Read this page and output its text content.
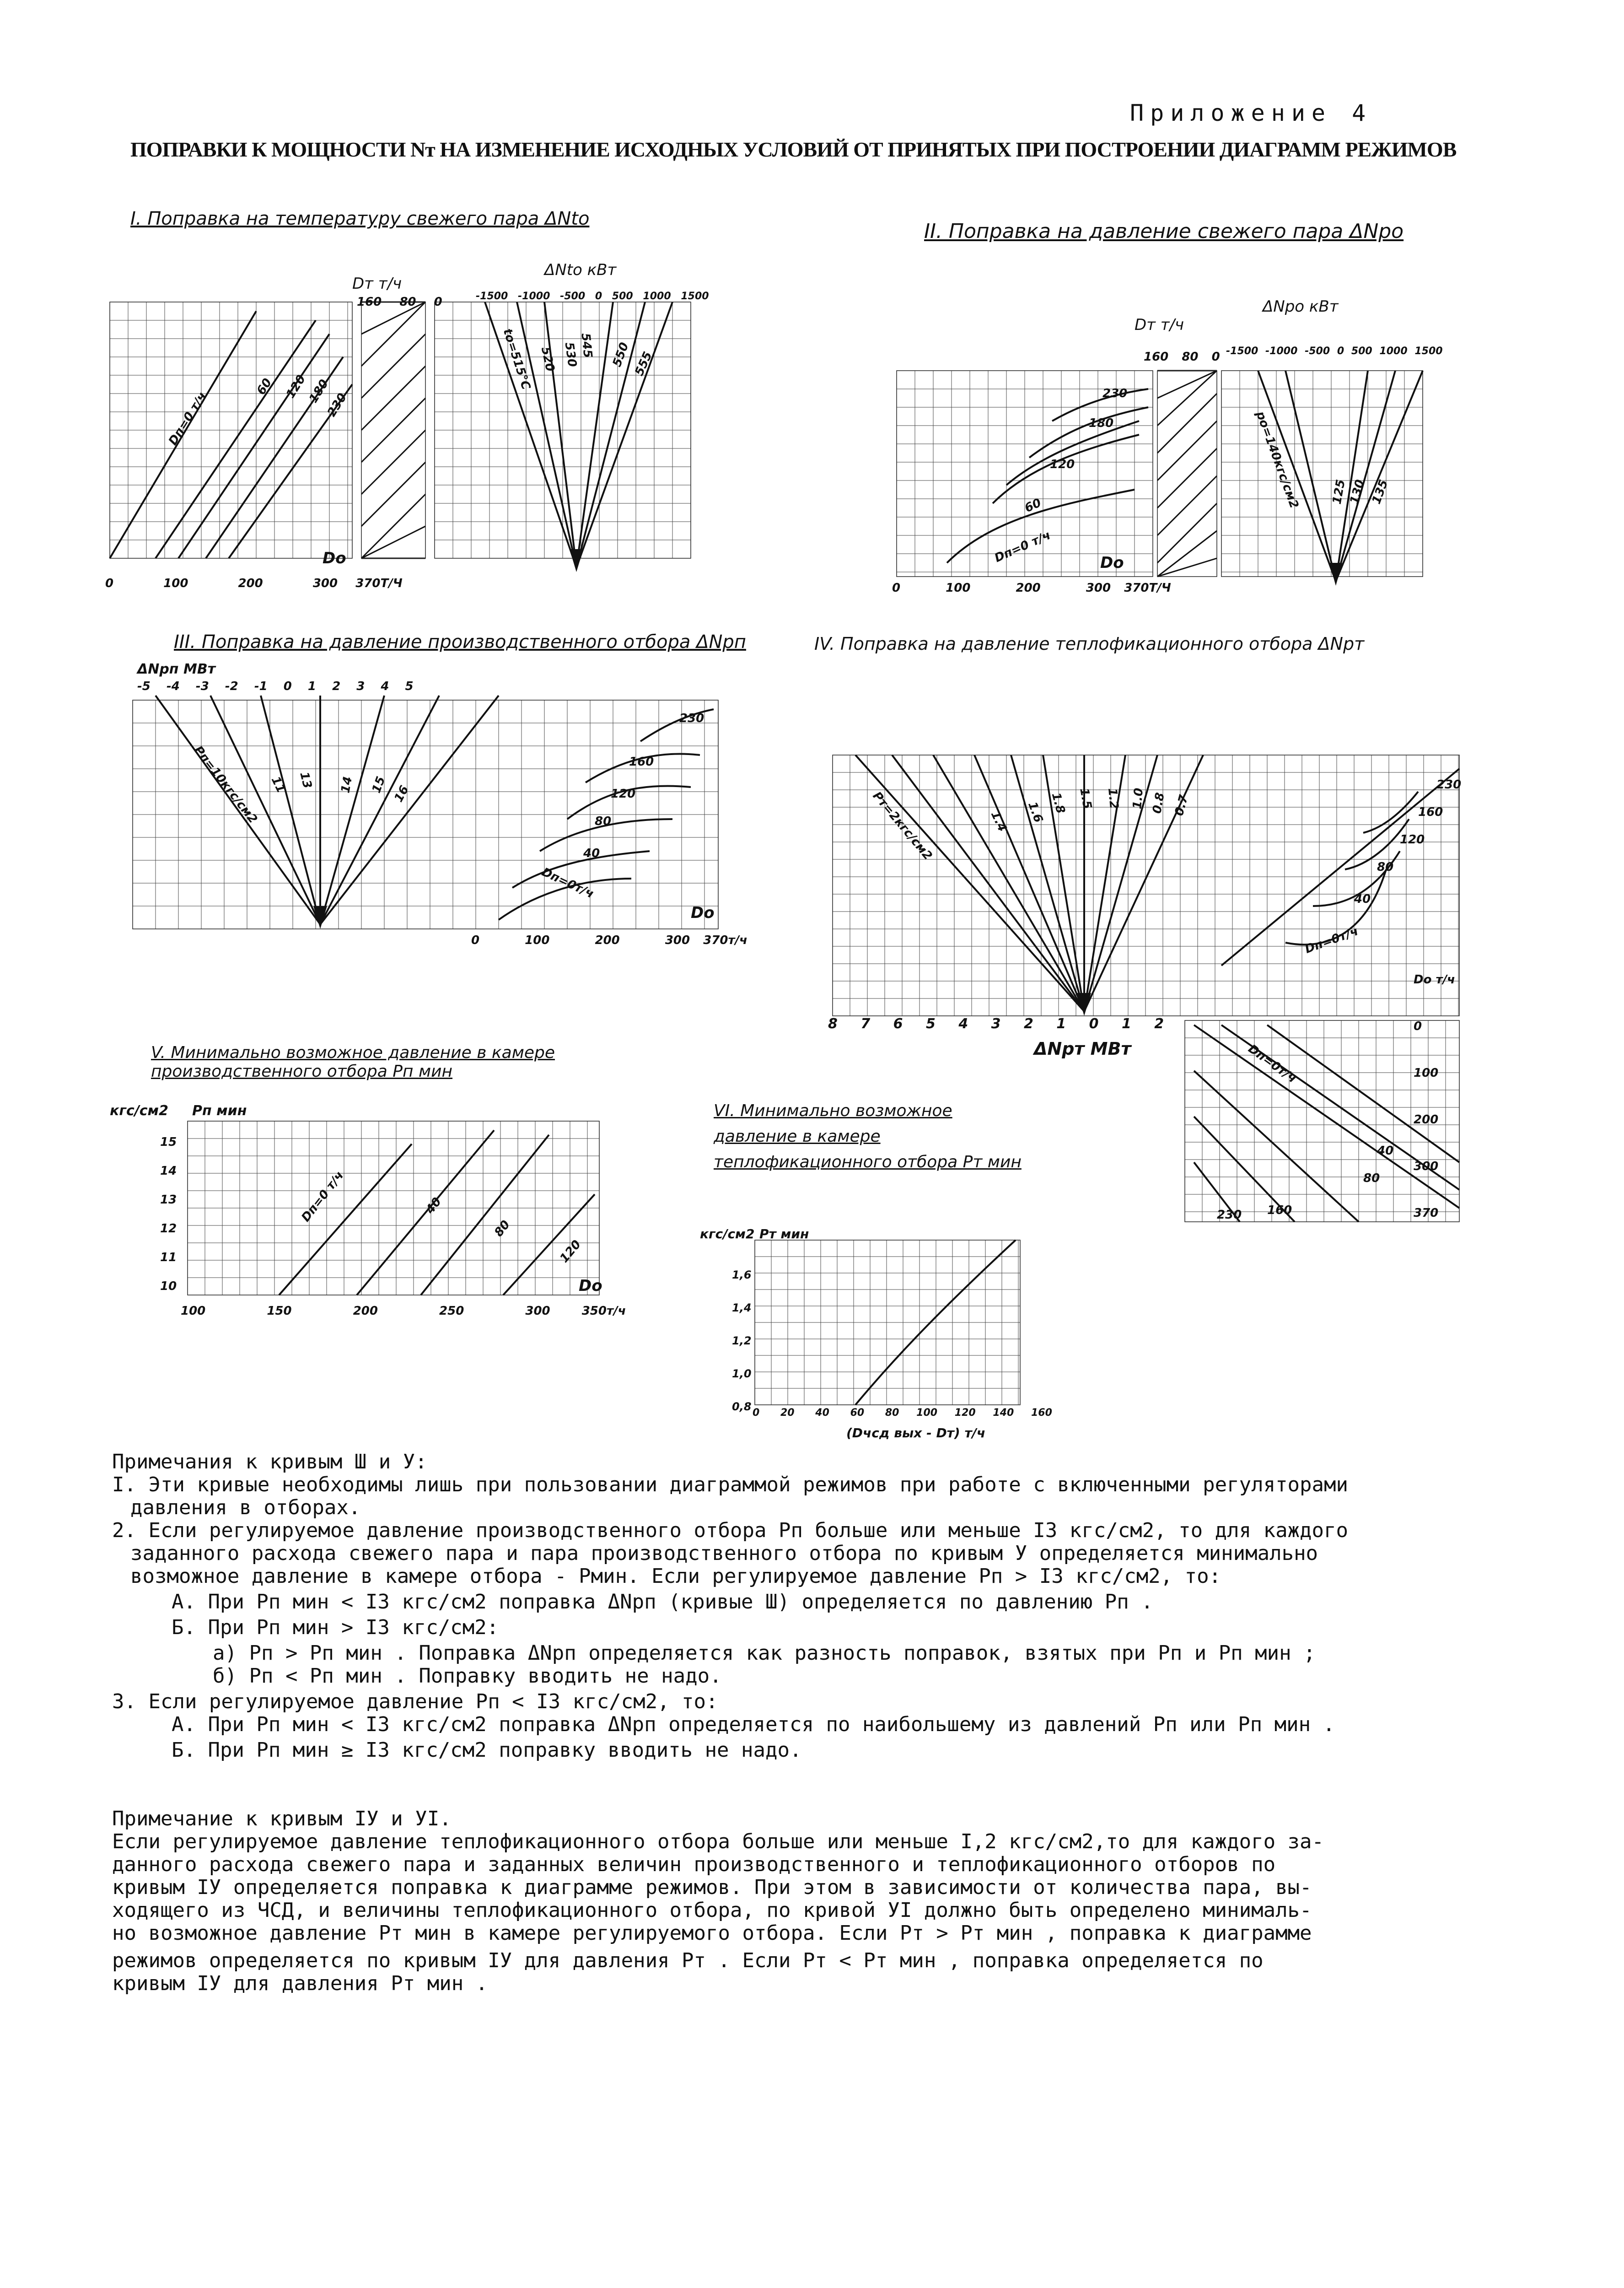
Приложение 4
ПОПРАВКИ К МОЩНОСТИ Nт НА ИЗМЕНЕНИЕ ИСХОДНЫХ УСЛОВИЙ ОТ ПРИНЯТЫХ ПРИ ПОСТРОЕНИИ ДИАГРАММ РЕЖИМОВ
I. Поправка на температуру свежего пара ΔNto
Dт т/ч
ΔNto кВт
0	100	200	300 370Т/Ч
Do
160 80 0	-1500 -1000 -500 0 500 1000 1500
Dп=0 т/ч
60 120
180
230
to=515°C 520 530
545 550 555
II. Поправка на давление свежего пара ΔNpo
Dт т/ч
ΔNpo кВт
0	100	200	300 370Т/Ч
Do
160 80 0 -1500 -1000 -500 0 500 1000 1500
Dп=0 т/ч
60
120
180
230
po=140кгс/см2 125 130 135
III. Поправка на давление производственного отбора ΔNpп
ΔNpп МВт
-5 -4 -3 -2 -1 0 1 2 3 4 5
0	100	200	300 370т/ч
Do
Pп=10кгс/см2 11 13 14 15 16
Dп=0т/ч
40
80
120
160
230
IV. Поправка на давление теплофикационного отбора ΔNpт
8 7 6 5 4 3 2 1 0 1 2
ΔNpт МВт
Pт=2кгс/см2	1.4 1.6 1.8 1.5 1.2 1.0 0.8 0.7
Dп=0т/ч
40
80
120
160
230
Dп=0т/ч
40
80
160
230
Do т/ч
0
100
200
300
370
V. Минимально возможное давление в камере производственного отбора Pп мин
кгс/см2 Pп мин
15
14
13
12
11
10
100	150	200	250	300	350т/ч
Do
Dп=0 т/ч	40
80
120
VI. Минимально возможное давление в камере теплофикационного отбора Pт мин
кгс/см2 Pт мин
1,6
1,4
1,2
1,0
0,8 0 20 40 60 80 100 120 140 160
(Dчсд вых - Dт) т/ч
Примечания к кривым Ш и У:
I. Эти кривые необходимы лишь при пользовании диаграммой режимов при работе с включенными регуляторами
давления в отборах.
2. Если регулируемое давление производственного отбора Pп больше или меньше I3 кгс/см2, то для каждого
заданного расхода свежего пара и пара производственного отбора по кривым У определяется минимально
возможное давление в камере отбора - Pмин. Если регулируемое давление Pп > I3 кгс/см2, то:
А. При Pп мин < I3 кгс/см2 поправка ΔNpп (кривые Ш) определяется по давлению Pп .
Б. При Pп мин > I3 кгс/см2:
а) Pп > Pп мин . Поправка ΔNpп определяется как разность поправок, взятых при Pп и Pп мин ;
б) Pп < Pп мин . Поправку вводить не надо.
3. Если регулируемое давление Pп < I3 кгс/см2, то:
А. При Pп мин < I3 кгс/см2 поправка ΔNpп определяется по наибольшему из давлений Pп или Pп мин .
Б. При Pп мин ≥ I3 кгс/см2 поправку вводить не надо.
Примечание к кривым IУ и УI.
Если регулируемое давление теплофикационного отбора больше или меньше I,2 кгс/см2,то для каждого за-
данного расхода свежего пара и заданных величин производственного и теплофикационного отборов по
кривым IУ определяется поправка к диаграмме режимов. При этом в зависимости от количества пара, вы-
ходящего из ЧСД, и величины теплофикационного отбора, по кривой УI должно быть определено минималь-
но возможное давление Pт мин в камере регулируемого отбора. Если Pт > Pт мин , поправка к диаграмме
режимов определяется по кривым IУ для давления Pт . Если Pт < Pт мин , поправка определяется по
кривым IУ для давления Pт мин .
